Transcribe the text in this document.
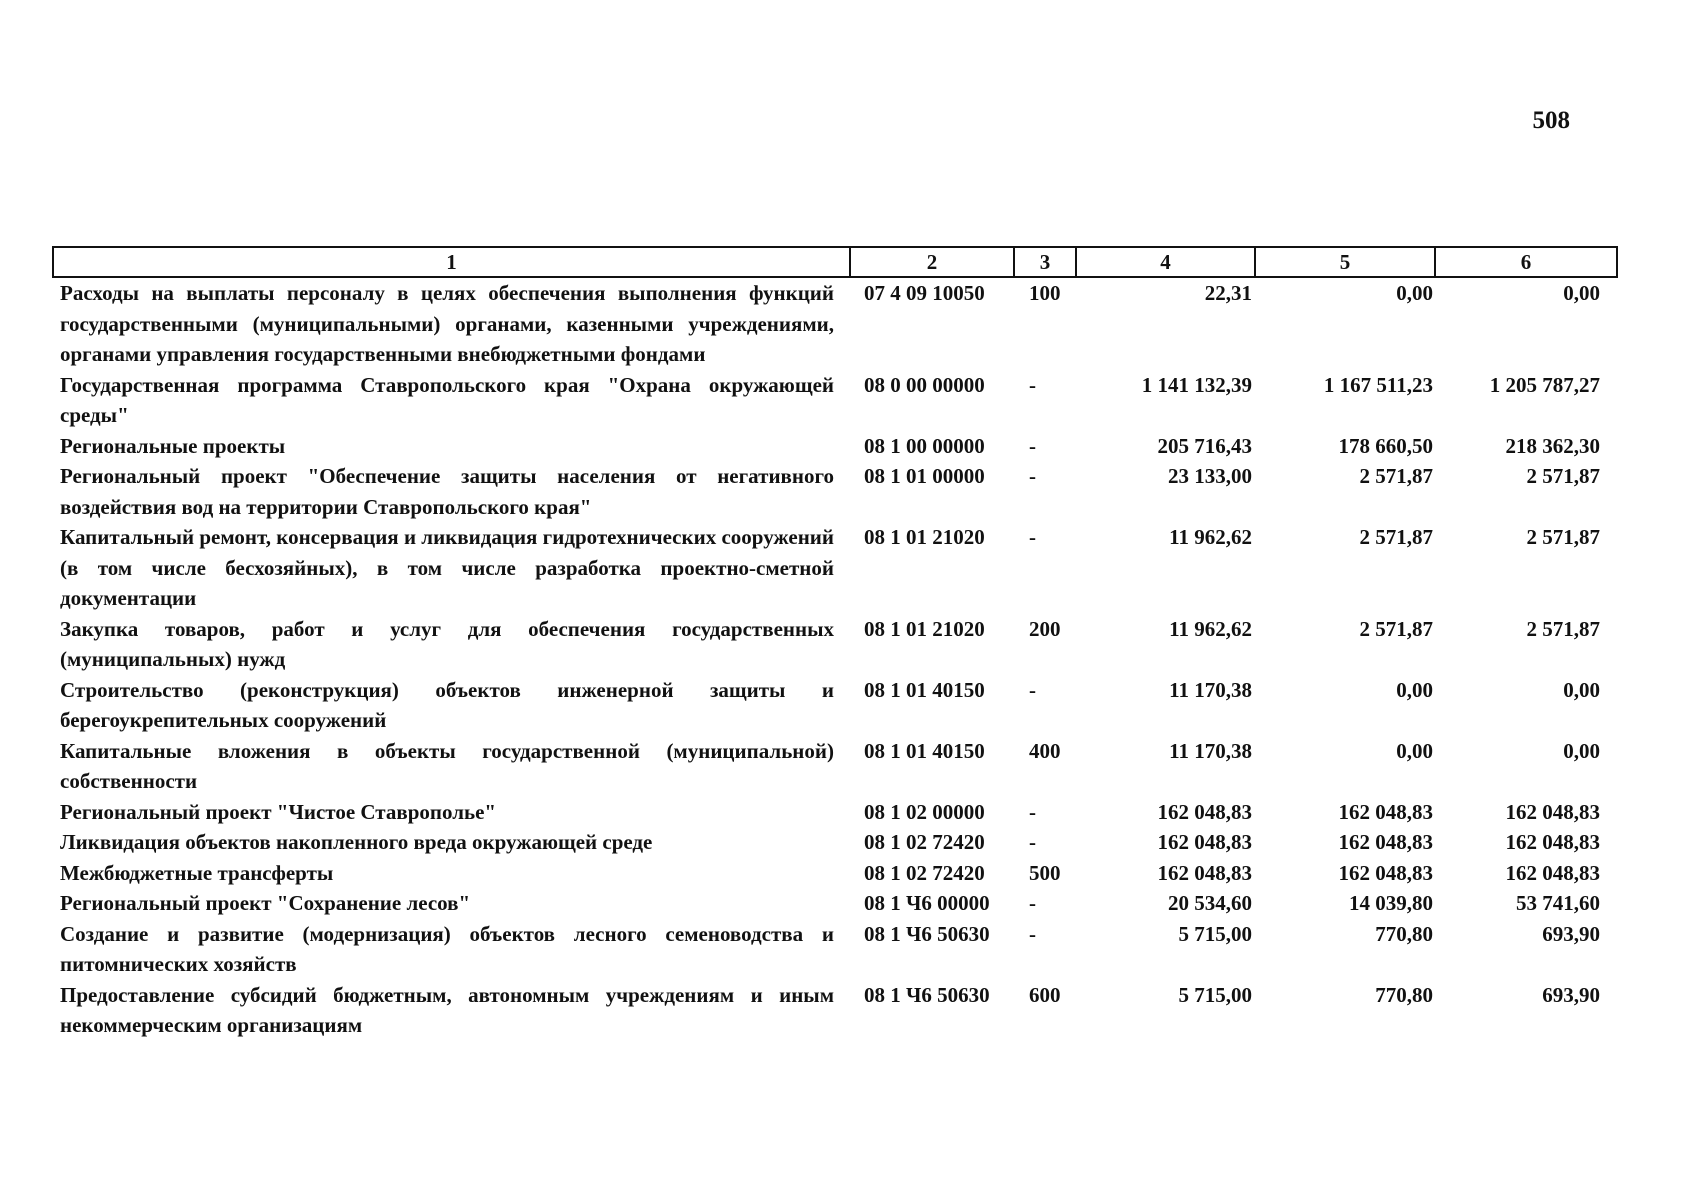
508
1	2	3	4	5	6
Расходы на выплаты персоналу в целях обеспечения выполнения функций государственными (муниципальными) органами, казенными учреждениями, органами управления государственными внебюджетными фондами	07 4 09 10050	100	22,31	0,00	0,00
Государственная программа Ставропольского края "Охрана окружающей среды"	08 0 00 00000	-	1 141 132,39	1 167 511,23	1 205 787,27
Региональные проекты	08 1 00 00000	-	205 716,43	178 660,50	218 362,30
Региональный проект "Обеспечение защиты населения от негативного воздействия вод на территории Ставропольского края"	08 1 01 00000	-	23 133,00	2 571,87	2 571,87
Капитальный ремонт, консервация и ликвидация гидротехнических сооружений (в том числе бесхозяйных), в том числе разработка проектно-сметной документации	08 1 01 21020	-	11 962,62	2 571,87	2 571,87
Закупка товаров, работ и услуг для обеспечения государственных (муниципальных) нужд	08 1 01 21020	200	11 962,62	2 571,87	2 571,87
Строительство (реконструкция) объектов инженерной защиты и берегоукрепительных сооружений	08 1 01 40150	-	11 170,38	0,00	0,00
Капитальные вложения в объекты государственной (муниципальной) собственности	08 1 01 40150	400	11 170,38	0,00	0,00
Региональный проект "Чистое Ставрополье"	08 1 02 00000	-	162 048,83	162 048,83	162 048,83
Ликвидация объектов накопленного вреда окружающей среде	08 1 02 72420	-	162 048,83	162 048,83	162 048,83
Межбюджетные трансферты	08 1 02 72420	500	162 048,83	162 048,83	162 048,83
Региональный проект "Сохранение лесов"	08 1 Ч6 00000	-	20 534,60	14 039,80	53 741,60
Создание и развитие (модернизация) объектов лесного семеноводства и питомнических хозяйств	08 1 Ч6 50630	-	5 715,00	770,80	693,90
Предоставление субсидий бюджетным, автономным учреждениям и иным некоммерческим организациям	08 1 Ч6 50630	600	5 715,00	770,80	693,90
